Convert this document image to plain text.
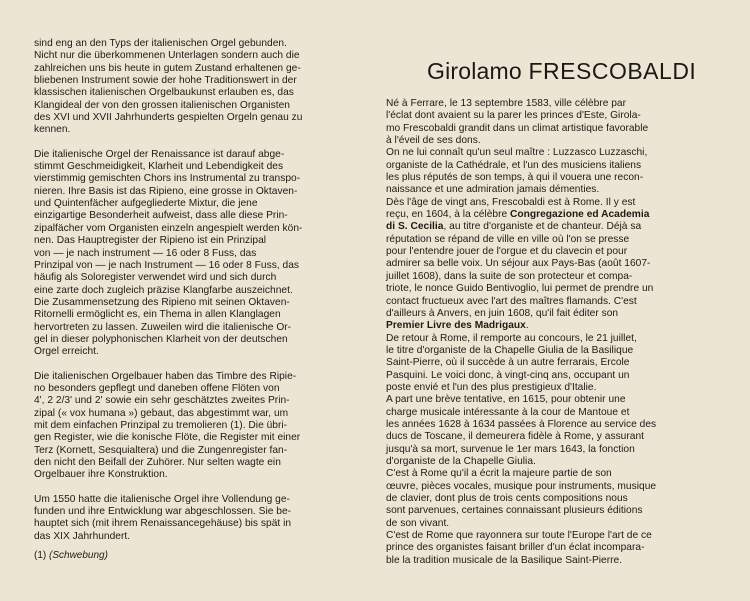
sind eng an den Typs der italienischen Orgel gebunden.
Nicht nur die überkommenen Unterlagen sondern auch die
zahlreichen uns bis heute in gutem Zustand erhaltenen ge-
bliebenen Instrument sowie der hohe Traditionswert in der
klassischen italienischen Orgelbaukunst erlauben es, das
Klangideal der von den grossen italienischen Organisten
des XVI und XVII Jahrhunderts gespielten Orgeln genau zu
kennen.

Die italienische Orgel der Renaissance ist darauf abge-
stimmt Geschmeidigkeit, Klarheit und Lebendigkeit des
vierstimmig gemischten Chors ins Instrumental zu transpo-
nieren. Ihre Basis ist das Ripieno, eine grosse in Oktaven-
und Quintenfächer aufgegliederte Mixtur, die jene
einzigartige Besonderheit aufweist, dass alle diese Prin-
zipalfächer vom Organisten einzeln angespielt werden kön-
nen. Das Hauptregister der Ripieno ist ein Prinzipal
von — je nach instrument — 16 oder 8 Fuss, das
Prinzipal von — je nach Instrument — 16 oder 8 Fuss, das
häufig als Soloregister verwendet wird und sich durch
eine zarte doch zugleich präzise Klangfarbe auszeichnet.
Die Zusammensetzung des Ripieno mit seinen Oktaven-
Ritornelli ermöglicht es, ein Thema in allen Klanglagen
hervortreten zu lassen. Zuweilen wird die italienische Or-
gel in dieser polyphonischen Klarheit von der deutschen
Orgel erreicht.

Die italienischen Orgelbauer haben das Timbre des Ripie-
no besonders gepflegt und daneben offene Flöten von
4', 2 2/3' und 2' sowie ein sehr geschätztes zweites Prin-
zipal (« vox humana ») gebaut, das abgestimmt war, um
mit dem einfachen Prinzipal zu tremolieren (1). Die übri-
gen Register, wie die konische Flöte, die Register mit einer
Terz (Kornett, Sesquialtera) und die Zungenregister fan-
den nicht den Beifall der Zuhörer. Nur selten wagte ein
Orgelbauer ihre Konstruktion.

Um 1550 hatte die italienische Orgel ihre Vollendung ge-
funden und ihre Entwicklung war abgeschlossen. Sie be-
hauptet sich (mit ihrem Renaissancegehäuse) bis spät in
das XIX Jahrhundert.

(1) (Schwebung)
Girolamo FRESCOBALDI

Né à Ferrare, le 13 septembre 1583, ville célèbre par
l'éclat dont avaient su la parer les princes d'Este, Girola-
mo Frescobaldi grandit dans un climat artistique favorable
à l'éveil de ses dons.
On ne lui connaît qu'un seul maître : Luzzasco Luzzaschi,
organiste de la Cathédrale, et l'un des musiciens italiens
les plus réputés de son temps, à qui il vouera une recon-
naissance et une admiration jamais démenties.
Dès l'âge de vingt ans, Frescobaldi est à Rome. Il y est
reçu, en 1604, à la célèbre Congregazione ed Academia
di S. Cecilia, au titre d'organiste et de chanteur. Déjà sa
réputation se répand de ville en ville où l'on se presse
pour l'entendre jouer de l'orgue et du clavecin et pour
admirer sa belle voix. Un séjour aux Pays-Bas (août 1607-
juillet 1608), dans la suite de son protecteur et compa-
triote, le nonce Guido Bentivoglio, lui permet de prendre un
contact fructueux avec l'art des maîtres flamands. C'est
d'ailleurs à Anvers, en juin 1608, qu'il fait éditer son
Premier Livre des Madrigaux.
De retour à Rome, il remporte au concours, le 21 juillet,
le titre d'organiste de la Chapelle Giulia de la Basilique
Saint-Pierre, où il succède à un autre ferrarais, Ercole
Pasquini. Le voici donc, à vingt-cinq ans, occupant un
poste envié et l'un des plus prestigieux d'Italie.
A part une brève tentative, en 1615, pour obtenir une
charge musicale intéressante à la cour de Mantoue et
les années 1628 à 1634 passées à Florence au service des
ducs de Toscane, il demeurera fidèle à Rome, y assurant
jusqu'à sa mort, survenue le 1er mars 1643, la fonction
d'organiste de la Chapelle Giulia.
C'est à Rome qu'il a écrit la majeure partie de son
œuvre, pièces vocales, musique pour instruments, musique
de clavier, dont plus de trois cents compositions nous
sont parvenues, certaines connaissant plusieurs éditions
de son vivant.
C'est de Rome que rayonnera sur toute l'Europe l'art de ce
prince des organistes faisant briller d'un éclat incompara-
ble la tradition musicale de la Basilique Saint-Pierre.
